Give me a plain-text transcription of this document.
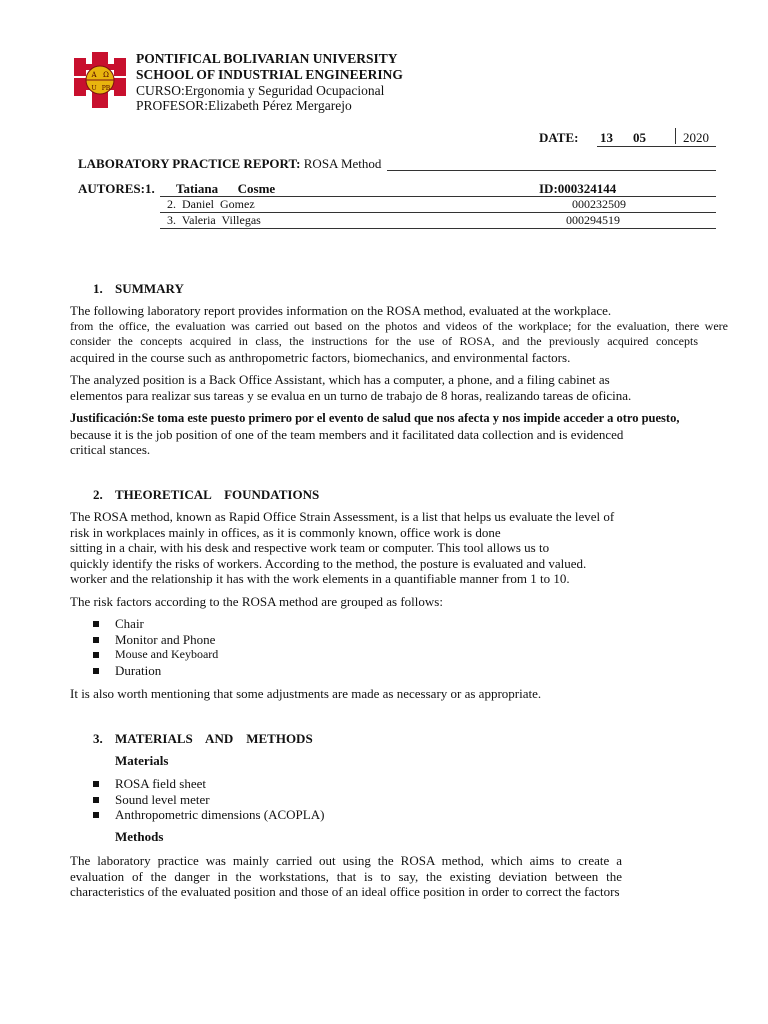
A Ω
U PB
PONTIFICAL BOLIVARIAN UNIVERSITY
SCHOOL OF INDUSTRIAL ENGINEERING
CURSO:Ergonomia y Seguridad Ocupacional
PROFESOR:Elizabeth Pérez Mergarejo
DATE: 13 05	2020
LABORATORY PRACTICE REPORT: ROSA Method
AUTORES:1. Tatiana      Cosme	ID:000324144
2.  Daniel  Gomez	000232509
3.  Valeria  Villegas	000294519
1. SUMMARY
The following laboratory report provides information on the ROSA method, evaluated at the workplace.
from the office, the evaluation was carried out based on the photos and videos of the workplace; for the evaluation, there were
consider the concepts acquired in class, the instructions for the use of ROSA, and the previously acquired concepts
acquired in the course such as anthropometric factors, biomechanics, and environmental factors.
The analyzed position is a Back Office Assistant, which has a computer, a phone, and a filing cabinet as
elementos para realizar sus tareas y se evalua en un turno de trabajo de 8 horas, realizando tareas de oficina.
Justificación:Se toma este puesto primero por el evento de salud que nos afecta y nos impide acceder a otro puesto,
because it is the job position of one of the team members and it facilitated data collection and is evidenced
critical stances.
2. THEORETICAL    FOUNDATIONS
The ROSA method, known as Rapid Office Strain Assessment, is a list that helps us evaluate the level of
risk in workplaces mainly in offices, as it is commonly known, office work is done
sitting in a chair, with his desk and respective work team or computer. This tool allows us to
quickly identify the risks of workers. According to the method, the posture is evaluated and valued.
worker and the relationship it has with the work elements in a quantifiable manner from 1 to 10.
The risk factors according to the ROSA method are grouped as follows:
Chair
Monitor and Phone
Mouse and Keyboard
Duration
It is also worth mentioning that some adjustments are made as necessary or as appropriate.
3. MATERIALS    AND    METHODS
Materials
ROSA field sheet
Sound level meter
Anthropometric dimensions (ACOPLA)
Methods
The laboratory practice was mainly carried out using the ROSA method, which aims to create a
evaluation of the danger in the workstations, that is to say, the existing deviation between the
characteristics of the evaluated position and those of an ideal office position in order to correct the factors
